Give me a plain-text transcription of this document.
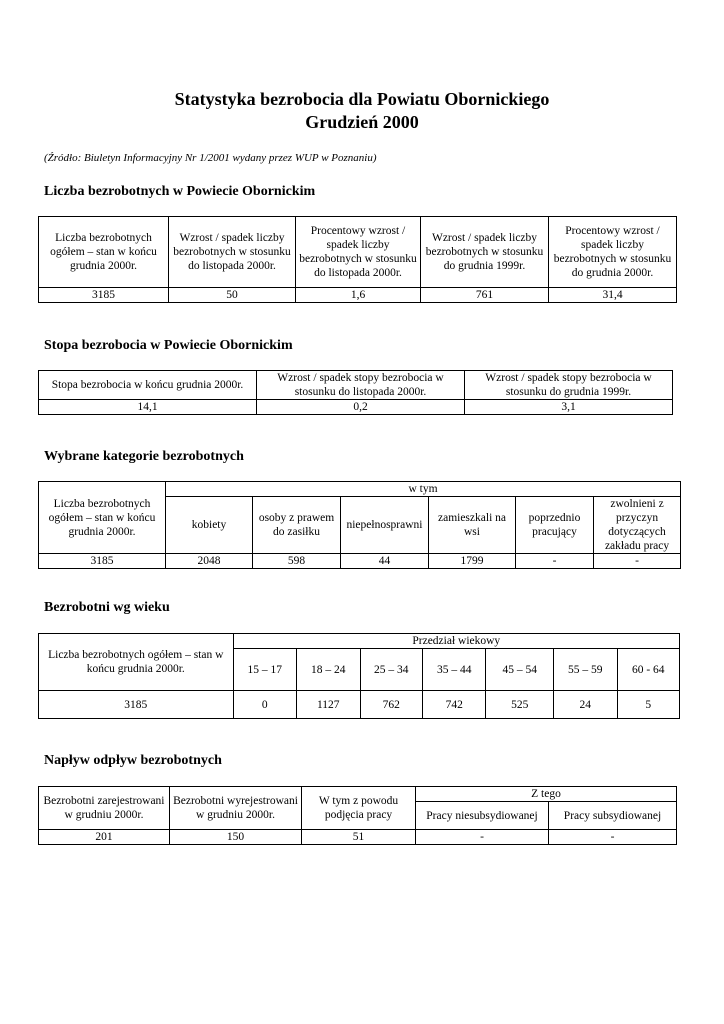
Statystyka bezrobocia dla Powiatu Obornickiego
Grudzień 2000
(Źródło: Biuletyn Informacyjny Nr 1/2001 wydany przez WUP w Poznaniu)
Liczba bezrobotnych w Powiecie Obornickim
Liczba bezrobotnych ogółem – stan w końcu grudnia 2000r.	Wzrost / spadek liczby bezrobotnych w stosunku do listopada 2000r.	Procentowy wzrost / spadek liczby bezrobotnych w stosunku do listopada 2000r.	Wzrost / spadek liczby bezrobotnych w stosunku do grudnia 1999r.	Procentowy wzrost / spadek liczby bezrobotnych w stosunku do grudnia 2000r.
3185	50	1,6	761	31,4
Stopa bezrobocia w Powiecie Obornickim
Stopa bezrobocia w końcu grudnia 2000r.	Wzrost / spadek stopy bezrobocia w stosunku do listopada 2000r.	Wzrost / spadek stopy bezrobocia w stosunku do grudnia 1999r.
14,1	0,2	3,1
Wybrane kategorie bezrobotnych
Liczba bezrobotnych ogółem – stan w końcu grudnia 2000r.	w tym					
	kobiety	osoby z prawem do zasiłku	niepełnosprawni	zamieszkali na wsi	poprzednio pracujący	zwolnieni z przyczyn dotyczących zakładu pracy
3185	2048	598	44	1799	-	-
Bezrobotni wg wieku
Liczba bezrobotnych ogółem – stan w końcu grudnia 2000r.	Przedział wiekowy						
	15 – 17	18 – 24	25 – 34	35 – 44	45 – 54	55 – 59	60 - 64
3185	0	1127	762	742	525	24	5
Napływ odpływ bezrobotnych
Bezrobotni zarejestrowani w grudniu 2000r.	Bezrobotni wyrejestrowani w grudniu 2000r.	W tym z powodu podjęcia pracy	Z tego	
			Pracy niesubsydiowanej	Pracy subsydiowanej
201	150	51	-	-
